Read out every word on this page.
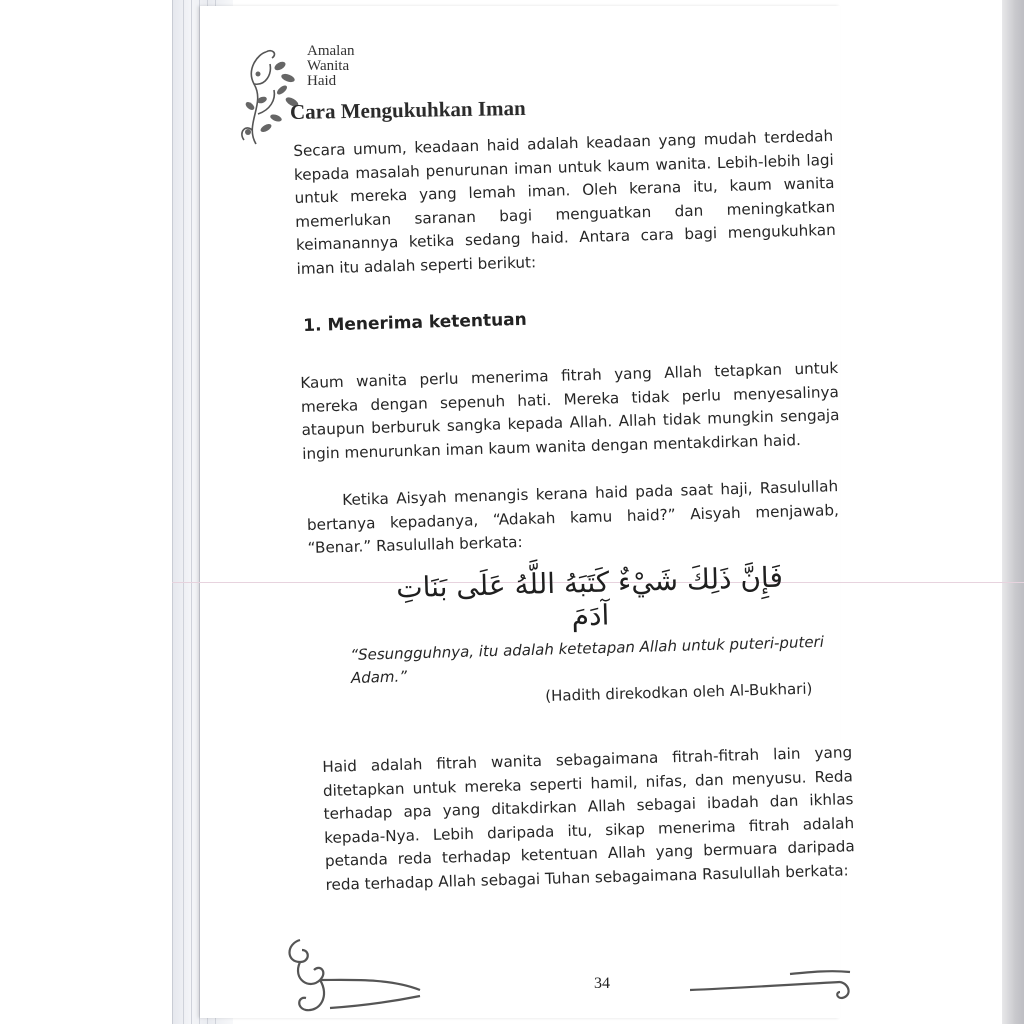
Amalan
Wanita
Haid
Cara Mengukuhkan Iman

Secara umum, keadaan haid adalah keadaan yang mudah terdedah kepada masalah penurunan iman untuk kaum wanita. Lebih-lebih lagi untuk mereka yang lemah iman. Oleh kerana itu, kaum wanita memerlukan saranan bagi menguatkan dan meningkatkan keimanannya ketika sedang haid. Antara cara bagi mengukuhkan iman itu adalah seperti berikut:

1. Menerima ketentuan

Kaum wanita perlu menerima fitrah yang Allah tetapkan untuk mereka dengan sepenuh hati. Mereka tidak perlu menyesalinya ataupun berburuk sangka kepada Allah. Allah tidak mungkin sengaja ingin menurunkan iman kaum wanita dengan mentakdirkan haid.

Ketika Aisyah menangis kerana haid pada saat haji, Rasulullah bertanya kepadanya, “Adakah kamu haid?” Aisyah menjawab, “Benar.” Rasulullah berkata:

فَإِنَّ ذَلِكَ شَيْءٌ كَتَبَهُ اللَّهُ عَلَى بَنَاتِ آدَمَ
“Sesungguhnya, itu adalah ketetapan Allah untuk puteri-puteri Adam.”
(Hadith direkodkan oleh Al-Bukhari)

Haid adalah fitrah wanita sebagaimana fitrah-fitrah lain yang ditetapkan untuk mereka seperti hamil, nifas, dan menyusu. Reda terhadap apa yang ditakdirkan Allah sebagai ibadah dan ikhlas kepada-Nya. Lebih daripada itu, sikap menerima fitrah adalah petanda reda terhadap ketentuan Allah yang bermuara daripada reda terhadap Allah sebagai Tuhan sebagaimana Rasulullah berkata:

34
